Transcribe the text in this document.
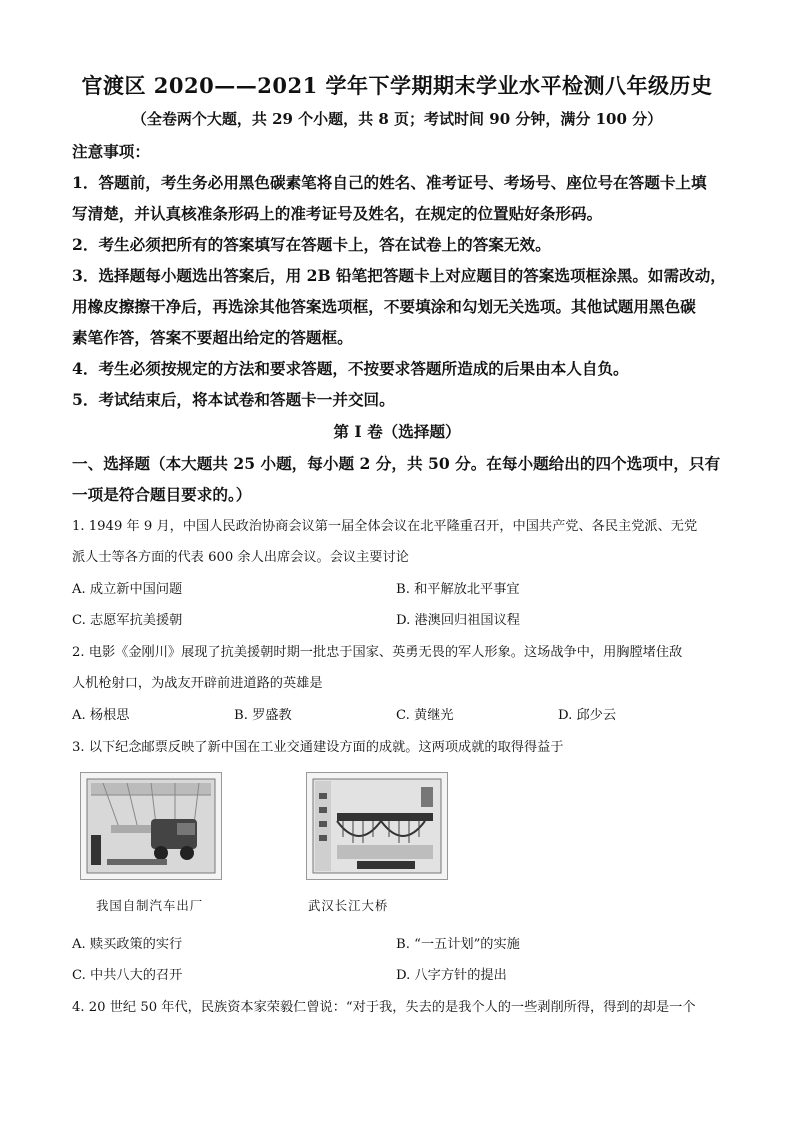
官渡区 2020——2021 学年下学期期末学业水平检测八年级历史
（全卷两个大题，共 29 个小题，共 8 页；考试时间 90 分钟，满分 100 分）
注意事项：
1．答题前，考生务必用黑色碳素笔将自己的姓名、准考证号、考场号、座位号在答题卡上填
写清楚，并认真核准条形码上的准考证号及姓名，在规定的位置贴好条形码。
2．考生必须把所有的答案填写在答题卡上，答在试卷上的答案无效。
3．选择题每小题选出答案后，用 2B 铅笔把答题卡上对应题目的答案选项框涂黑。如需改动，
用橡皮擦擦干净后，再选涂其他答案选项框，不要填涂和勾划无关选项。其他试题用黑色碳
素笔作答，答案不要超出给定的答题框。
4．考生必须按规定的方法和要求答题，不按要求答题所造成的后果由本人自负。
5．考试结束后，将本试卷和答题卡一并交回。
第 I 卷（选择题）
一、选择题（本大题共 25 小题，每小题 2 分，共 50 分。在每小题给出的四个选项中，只有
一项是符合题目要求的。）
1. 1949 年 9 月，中国人民政治协商会议第一届全体会议在北平隆重召开，中国共产党、各民主党派、无党
派人士等各方面的代表 600 余人出席会议。会议主要讨论
A. 成立新中国问题	B. 和平解放北平事宜
C. 志愿军抗美援朝	D. 港澳回归祖国议程
2. 电影《金刚川》展现了抗美援朝时期一批忠于国家、英勇无畏的军人形象。这场战争中，用胸膛堵住敌
人机枪射口，为战友开辟前进道路的英雄是
A. 杨根思	B. 罗盛教	C. 黄继光	D. 邱少云
3. 以下纪念邮票反映了新中国在工业交通建设方面的成就。这两项成就的取得得益于
我国自制汽车出厂	武汉长江大桥
A. 赎买政策的实行	B. “一五计划”的实施
C. 中共八大的召开	D. 八字方针的提出
4. 20 世纪 50 年代，民族资本家荣毅仁曾说：“对于我，失去的是我个人的一些剥削所得，得到的却是一个
